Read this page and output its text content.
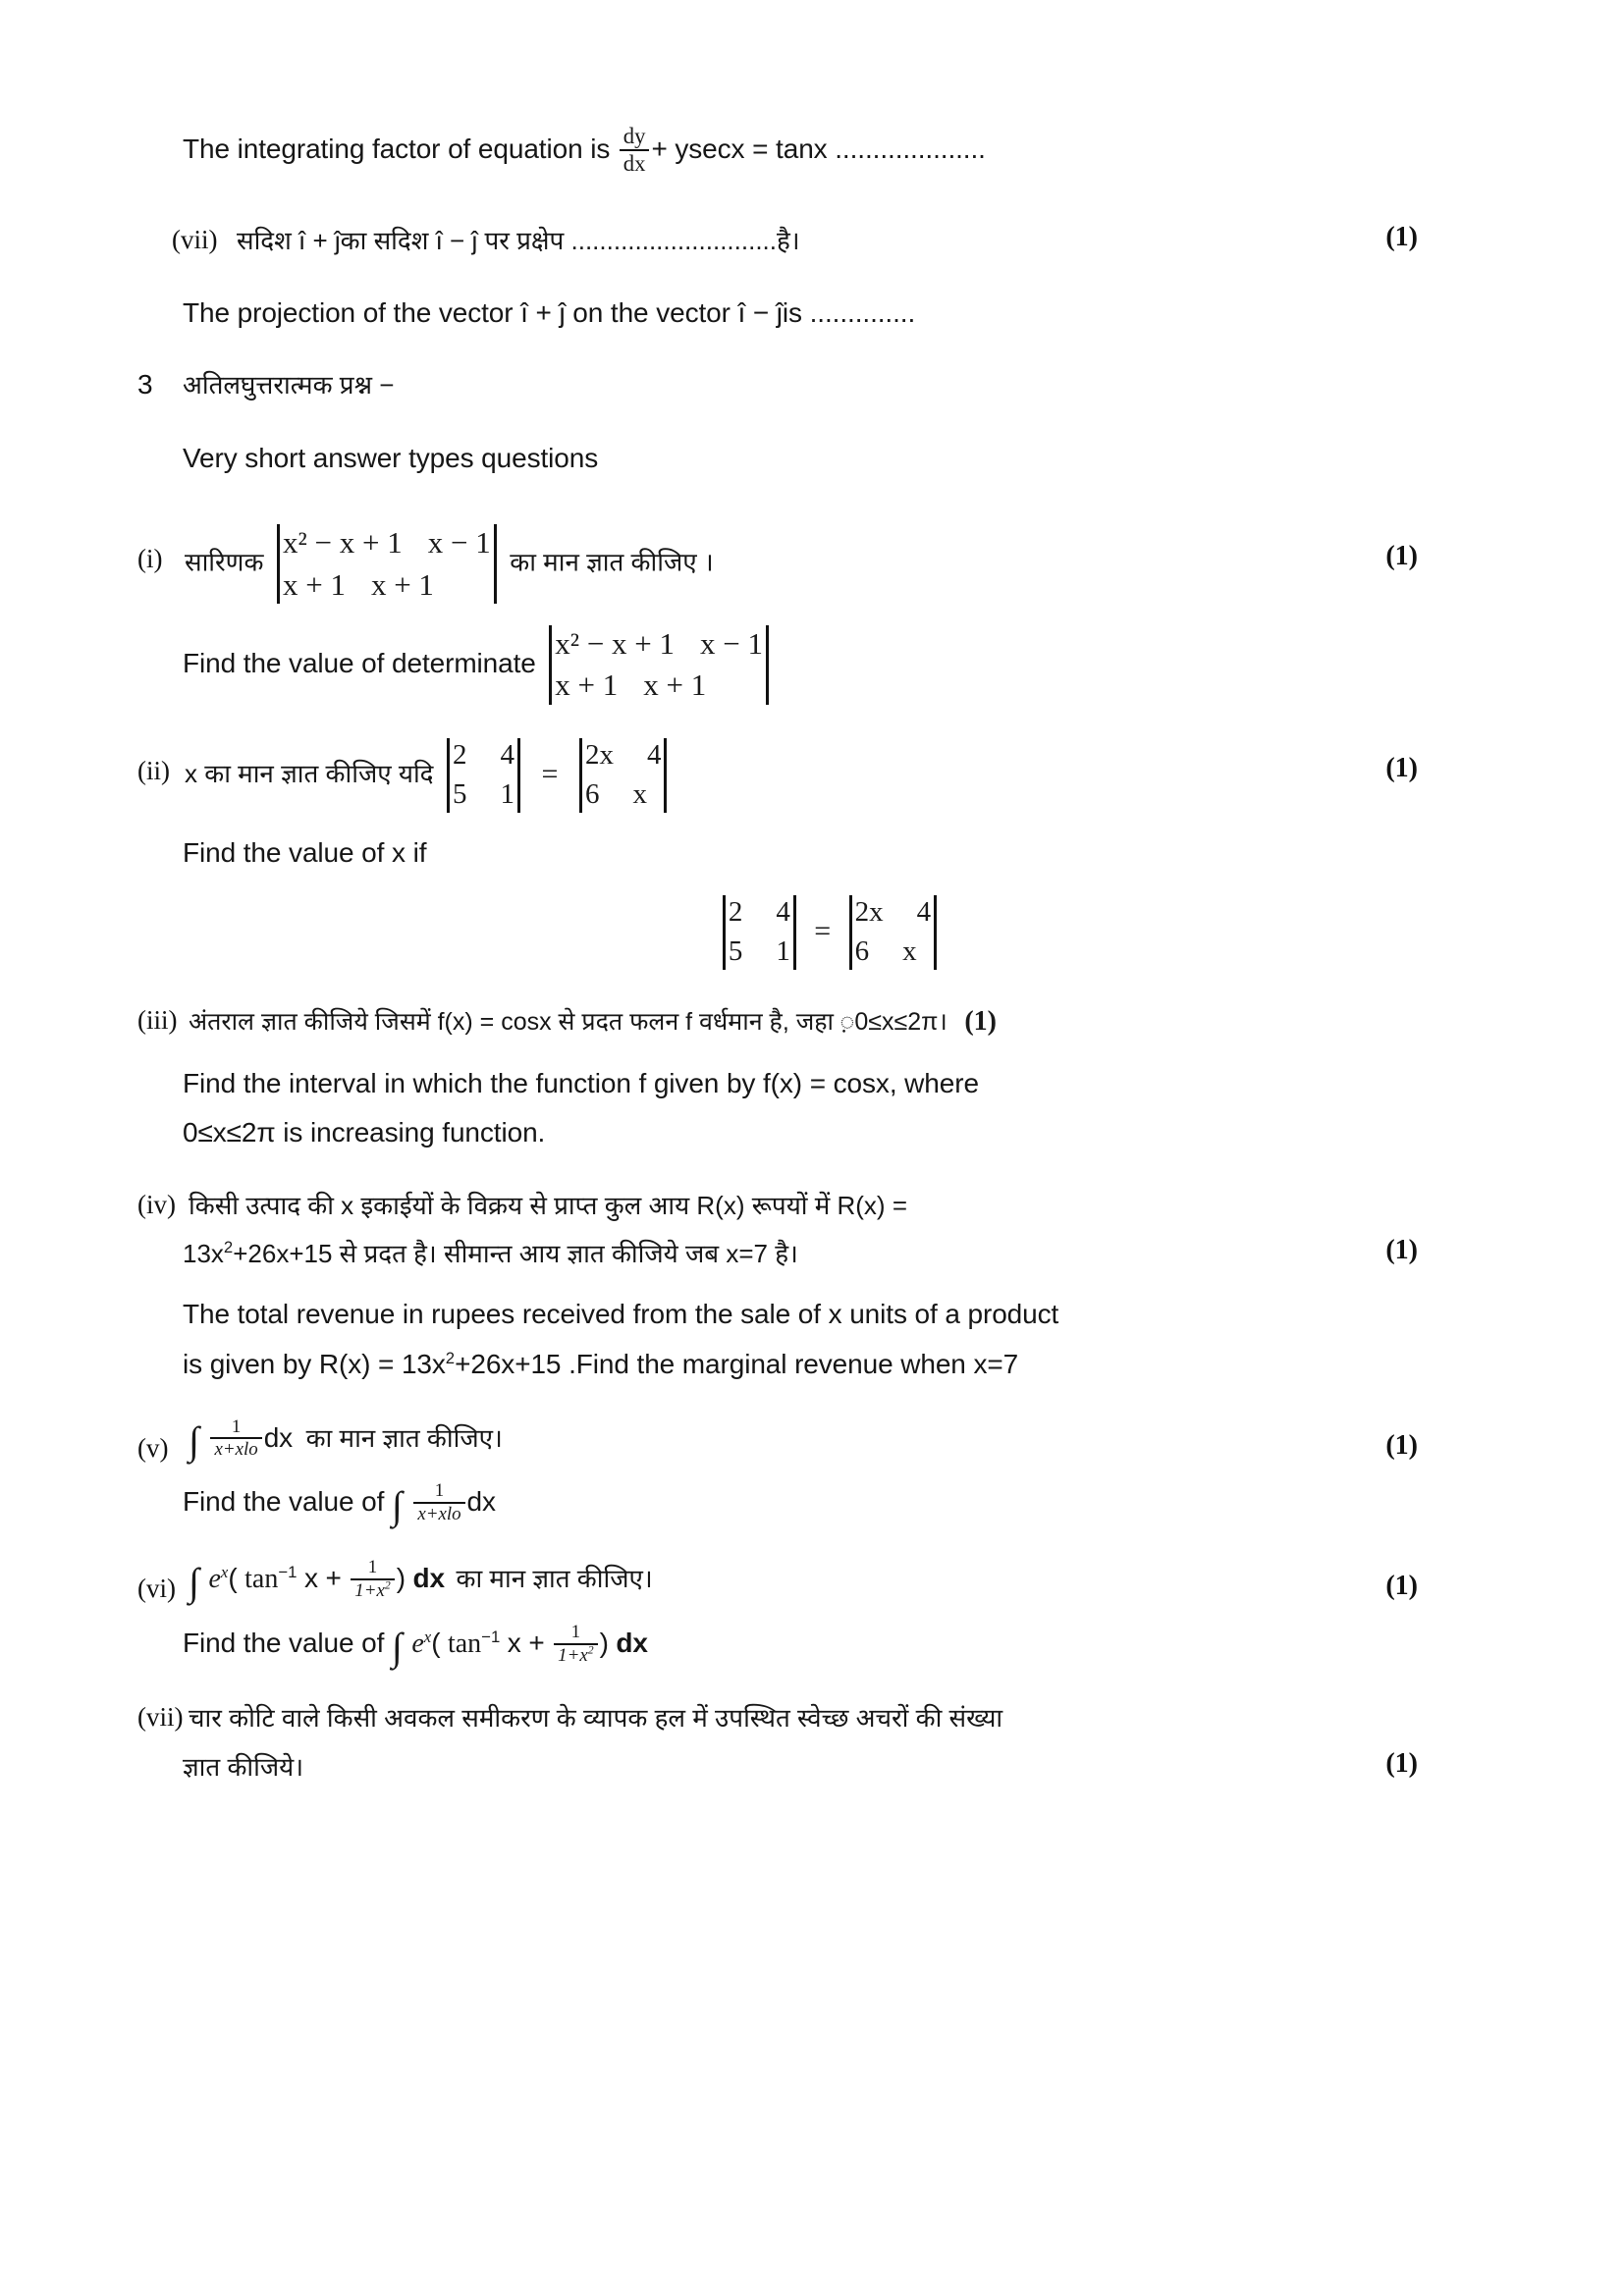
The integrating factor of equation is $\frac{dy}{dx} + ysecx = \tan x$ ....................
(vii) सदिश î + ĵका सदिश î − ĵ पर प्रक्षेप .............................है।	(1)
The projection of the vector î + ĵ on the vector î − ĵis ..............
3	अतिलघुत्तरात्मक प्रश्न −
Very short answer types questions
(i) सारिणक
x² − x + 1 x − 1
x + 1 x + 1
का मान ज्ञात कीजिए ।	(1)
Find the value of determinate
x² − x + 1 x − 1
x + 1 x + 1
(ii) x का मान ज्ञात कीजिए यदि
2 4
5 1
=
2x 4
6 x
(1)
Find the value of x if
2 4
5 1
=
2x 4
6 x
(iii) अंतराल ज्ञात कीजिये जिसमें f(x) = cosx से प्रदत फलन f वर्धमान है, जहा ़0≤x≤2π। (1)
Find the interval in which the function f given by f(x) = cosx, where
0≤x≤2π is increasing function.
(iv) किसी उत्पाद की x इकाईयों के विक्रय से प्राप्त कुल आय R(x) रूपयों में R(x) =
$13x^2+26x+15$ से प्रदत है। सीमान्त आय ज्ञात कीजिये जब x=7 है।	(1)
The total revenue in rupees received from the sale of x units of a product
is given by $R(x) = 13x^2+26x+15$ .Find the marginal revenue when x=7
(v) ∫ $\frac{1}{\text{x+xlo}}$ dx का मान ज्ञात कीजिए।	(1)
Find the value of ∫ $\frac{1}{\text{x+xlo}}$ dx
(vi) ∫ $e^x$( $\tan^{-1} x + \frac{1}{1+x^2}$ ) dx का मान ज्ञात कीजिए।	(1)
Find the value of ∫ $e^x$( $\tan^{-1} x + \frac{1}{1+x^2}$ ) dx
(vii) चार कोटि वाले किसी अवकल समीकरण के व्यापक हल में उपस्थित स्वेच्छ अचरों की संख्या
ज्ञात कीजिये।	(1)
